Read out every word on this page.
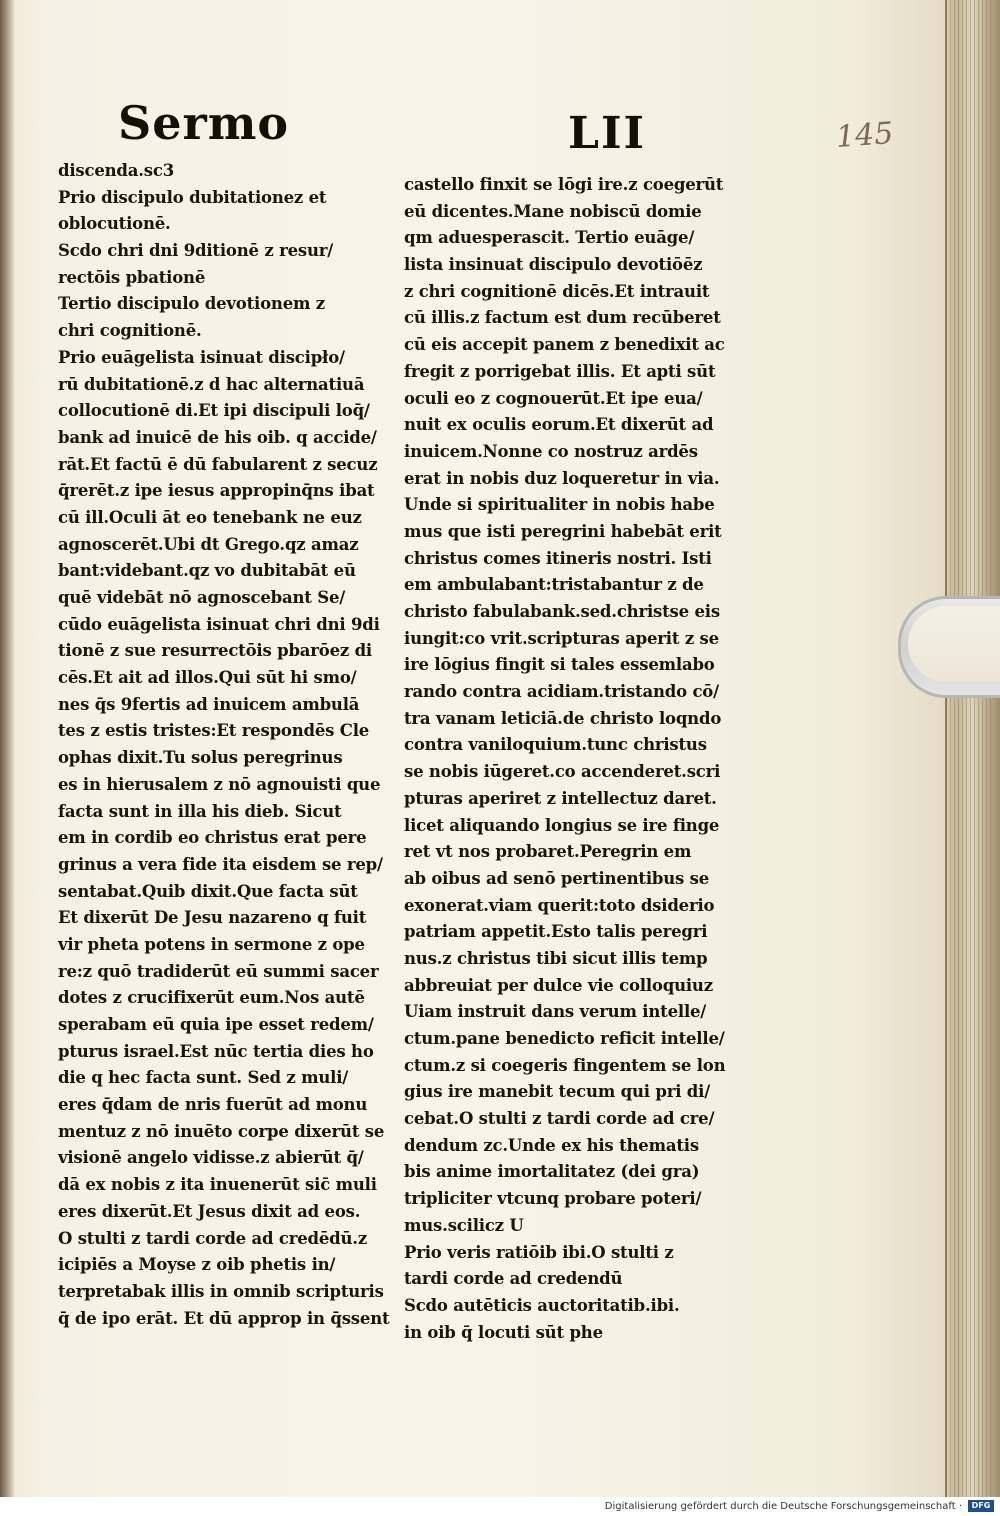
Sermo	LII	145
discenda.sc3
Prio discipulo dubitationez et
oblocutionē.
Scdo chri dni 9ditionē z resur/
rectōis pbationē
Tertio discipulo devotionem z
chri cognitionē.
Prio euāgelista isinuat discipło/
rū dubitationē.z d hac alternatiuā
collocutionē di.Et ipi discipuli loq̄/
bank ad inuicē de his oib. q accide/
rāt.Et factū ē dū fabularent z secuz
q̄rerēt.z ipe iesus appropinq̄ns ibat
cū ill.Oculi āt eo tenebank ne euz
agnoscerēt.Ubi dt Grego.qz amaz
bant:videbant.qz vo dubitabāt eū
quē videbāt nō agnoscebant Se/
cūdo euāgelista isinuat chri dni 9di
tionē z sue resurrectōis pbarōez di
cēs.Et ait ad illos.Qui sūt hi smo/
nes q̄s 9fertis ad inuicem ambulā
tes z estis tristes:Et respondēs Cle
ophas dixit.Tu solus peregrinus
es in hierusalem z nō agnouisti que
facta sunt in illa his dieb. Sicut
em in cordib eo christus erat pere
grinus a vera fide ita eisdem se rep/
sentabat.Quib dixit.Que facta sūt
Et dixerūt De Jesu nazareno q fuit
vir pheta potens in sermone z ope
re:z quō tradiderūt eū summi sacer
dotes z crucifixerūt eum.Nos autē
sperabam eū quia ipe esset redem/
pturus israel.Est nūc tertia dies ho
die q hec facta sunt. Sed z muli/
eres q̄dam de nris fuerūt ad monu
mentuz z nō inuēto corpe dixerūt se
visionē angelo vidisse.z abierūt q̄/
dā ex nobis z ita inuenerūt sic̄ muli
eres dixerūt.Et Jesus dixit ad eos.
O stulti z tardi corde ad credēdū.z
icipiēs a Moyse z oib phetis in/
terpretabak illis in omnib scripturis
q̄ de ipo erāt. Et dū approp in q̄ssent
castello finxit se lōgi ire.z coegerūt
eū dicentes.Mane nobiscū domie
qm aduesperascit. Tertio euāge/
lista insinuat discipulo devotiōēz
z chri cognitionē dicēs.Et intrauit
cū illis.z factum est dum recūberet
cū eis accepit panem z benedixit ac
fregit z porrigebat illis. Et apti sūt
oculi eo z cognouerūt.Et ipe eua/
nuit ex oculis eorum.Et dixerūt ad
inuicem.Nonne co nostruz ardēs
erat in nobis duz loqueretur in via.
Unde si spiritualiter in nobis habe
mus que isti peregrini habebāt erit
christus comes itineris nostri. Isti
em ambulabant:tristabantur z de
christo fabulabank.sed.christse eis
iungit:co vrit.scripturas aperit z se
ire lōgius fingit si tales essemlabo
rando contra acidiam.tristando cō/
tra vanam leticiā.de christo loqndo
contra vaniloquium.tunc christus
se nobis iūgeret.co accenderet.scri
pturas aperiret z intellectuz daret.
licet aliquando longius se ire finge
ret vt nos probaret.Peregrin em
ab oibus ad senō pertinentibus se
exonerat.viam querit:toto dsiderio
patriam appetit.Esto talis peregri
nus.z christus tibi sicut illis temp
abbreuiat per dulce vie colloquiuz
Uiam instruit dans verum intelle/
ctum.pane benedicto reficit intelle/
ctum.z si coegeris fingentem se lon
gius ire manebit tecum qui pri di/
cebat.O stulti z tardi corde ad cre/
dendum zc.Unde ex his thematis
bis anime imortalitatez (dei gra)
tripliciter vtcunq probare poteri/
mus.scilicz U
Prio veris ratiōib ibi.O stulti z
tardi corde ad credendū
Scdo autēticis auctoritatib.ibi.
in oib q̄ locuti sūt phe
Digitalisierung gefördert durch die Deutsche Forschungsgemeinschaft ·	DFG
